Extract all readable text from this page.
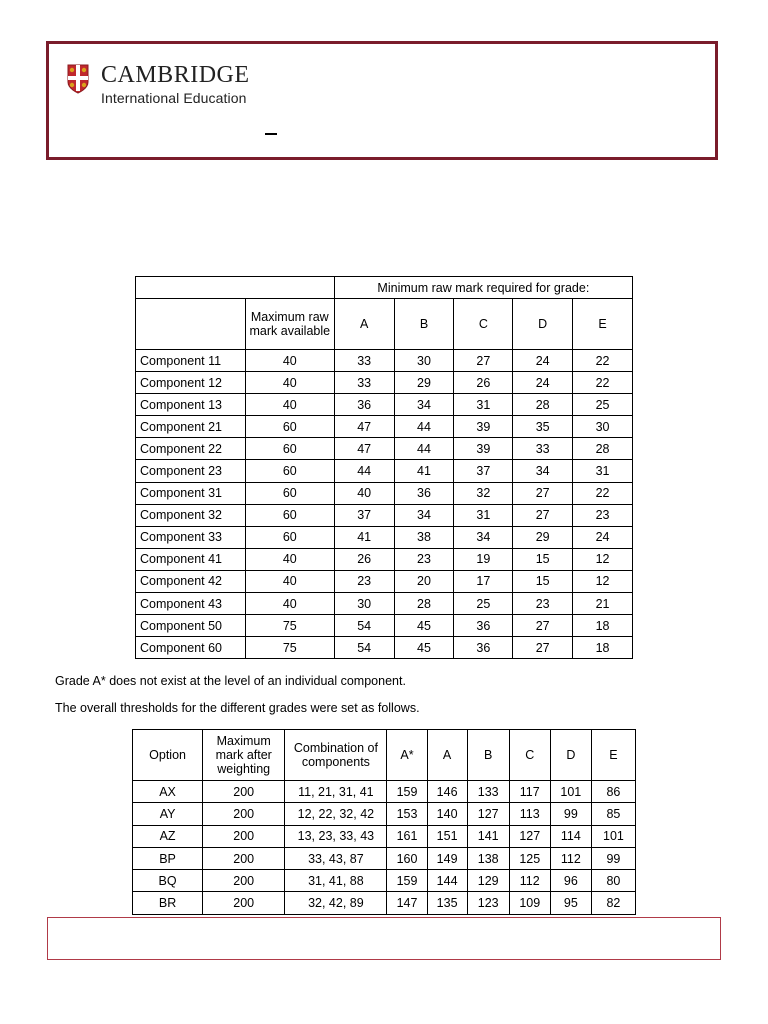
CAMBRIDGE
International Education
		Minimum raw mark required for grade:				
	Maximum raw mark available	A	B	C	D	E
Component 11	40	33	30	27	24	22
Component 12	40	33	29	26	24	22
Component 13	40	36	34	31	28	25
Component 21	60	47	44	39	35	30
Component 22	60	47	44	39	33	28
Component 23	60	44	41	37	34	31
Component 31	60	40	36	32	27	22
Component 32	60	37	34	31	27	23
Component 33	60	41	38	34	29	24
Component 41	40	26	23	19	15	12
Component 42	40	23	20	17	15	12
Component 43	40	30	28	25	23	21
Component 50	75	54	45	36	27	18
Component 60	75	54	45	36	27	18
Grade A* does not exist at the level of an individual component.
The overall thresholds for the different grades were set as follows.
Option	Maximum mark after weighting	Combination of components	A*	A	B	C	D	E
AX	200	11, 21, 31, 41	159	146	133	117	101	86
AY	200	12, 22, 32, 42	153	140	127	113	99	85
AZ	200	13, 23, 33, 43	161	151	141	127	114	101
BP	200	33, 43, 87	160	149	138	125	112	99
BQ	200	31, 41, 88	159	144	129	112	96	80
BR	200	32, 42, 89	147	135	123	109	95	82
